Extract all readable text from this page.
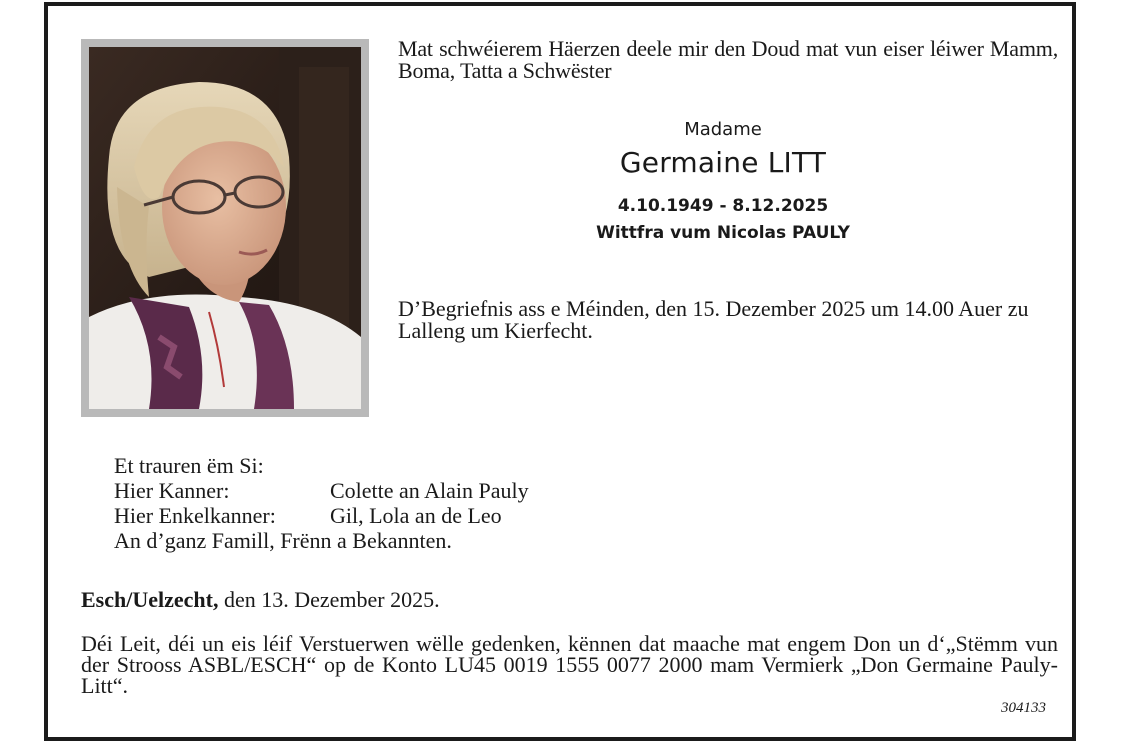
Mat schwéierem Häerzen deele mir den Doud mat vun eiser léiwer Mamm, Boma, Tatta a Schwëster
Madame
Germaine LITT
4.10.1949 - 8.12.2025
Wittfra vum Nicolas PAULY
D’Begriefnis ass e Méinden, den 15. Dezember 2025 um 14.00 Auer zu Lalleng um Kierfecht.
Et trauren ëm Si:
Hier Kanner:	Colette an Alain Pauly
Hier Enkelkanner:	Gil, Lola an de Leo
An d’ganz Famill, Frënn a Bekannten.
Esch/Uelzecht, den 13. Dezember 2025.
Déi Leit, déi un eis léif Verstuerwen wëlle gedenken, kënnen dat maache mat engem Don un d‘„Stëmm vun der Strooss ASBL/ESCH“ op de Konto LU45 0019 1555 0077 2000 mam Vermierk „Don Germaine Pauly-Litt“.
304133
